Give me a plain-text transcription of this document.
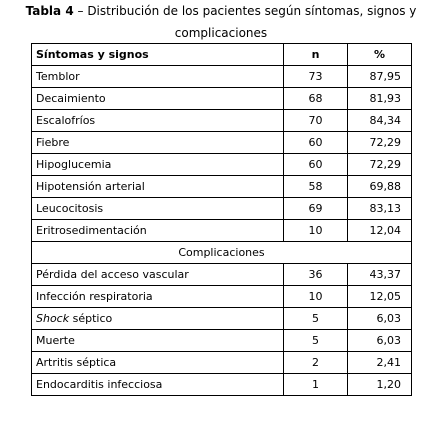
Tabla 4 – Distribución de los pacientes según síntomas, signos y
complicaciones
Síntomas y signos	n	%
Temblor	73	87,95
Decaimiento	68	81,93
Escalofríos	70	84,34
Fiebre	60	72,29
Hipoglucemia	60	72,29
Hipotensión arterial	58	69,88
Leucocitosis	69	83,13
Eritrosedimentación	10	12,04
Complicaciones		
Pérdida del acceso vascular	36	43,37
Infección respiratoria	10	12,05
Shock séptico	5	6,03
Muerte	5	6,03
Artritis séptica	2	2,41
Endocarditis infecciosa	1	1,20
